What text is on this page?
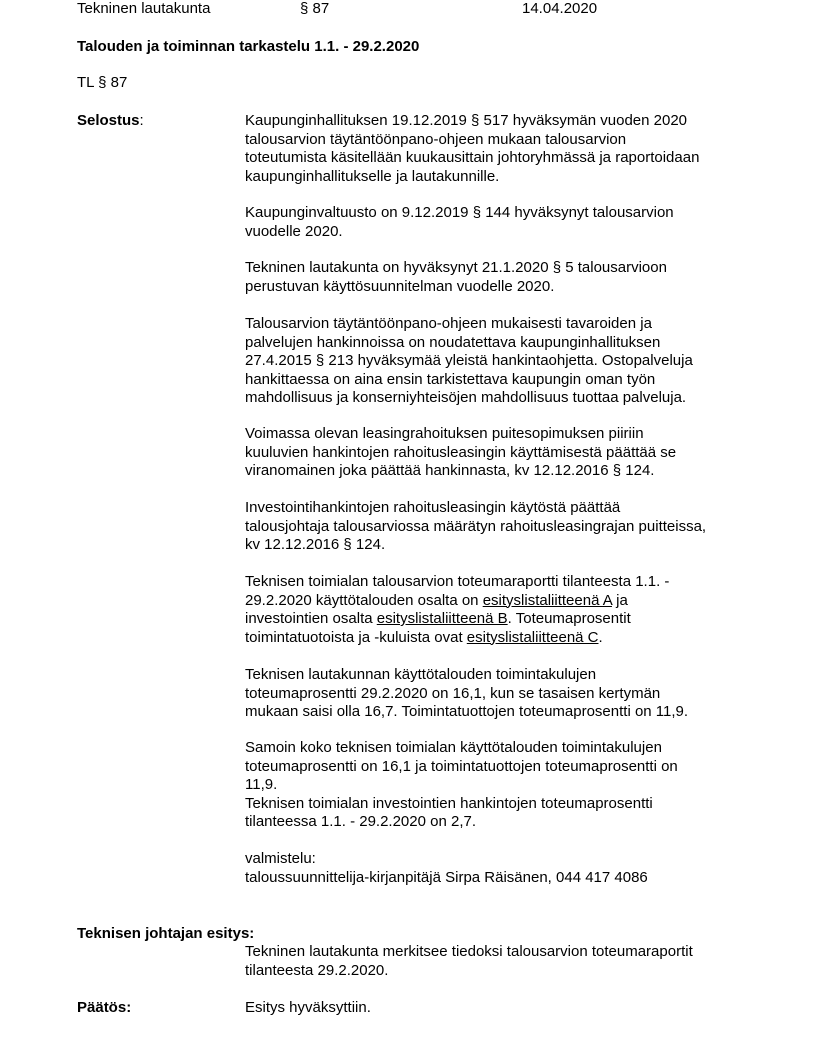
Tekninen lautakunta	§ 87	14.04.2020
Talouden ja toiminnan tarkastelu 1.1. - 29.2.2020
TL § 87
Selostus:	Kaupunginhallituksen 19.12.2019 § 517 hyväksymän vuoden 2020
talousarvion täytäntöönpano-ohjeen mukaan talousarvion
toteutumista käsitellään kuukausittain johtoryhmässä ja raportoidaan
kaupunginhallitukselle ja lautakunnille.
Kaupunginvaltuusto on 9.12.2019 § 144 hyväksynyt talousarvion
vuodelle 2020.
Tekninen lautakunta on hyväksynyt 21.1.2020 § 5 talousarvioon
perustuvan käyttösuunnitelman vuodelle 2020.
Talousarvion täytäntöönpano-ohjeen mukaisesti tavaroiden ja
palvelujen hankinnoissa on noudatettava kaupunginhallituksen
27.4.2015 § 213 hyväksymää yleistä hankintaohjetta. Ostopalveluja
hankittaessa on aina ensin tarkistettava kaupungin oman työn
mahdollisuus ja konserniyhteisöjen mahdollisuus tuottaa palveluja.
Voimassa olevan leasingrahoituksen puitesopimuksen piiriin
kuuluvien hankintojen rahoitusleasingin käyttämisestä päättää se
viranomainen joka päättää hankinnasta, kv 12.12.2016 § 124.
Investointihankintojen rahoitusleasingin käytöstä päättää
talousjohtaja talousarviossa määrätyn rahoitusleasingrajan puitteissa,
kv 12.12.2016 § 124.
Teknisen toimialan talousarvion toteumaraportti tilanteesta 1.1. -
29.2.2020 käyttötalouden osalta on esityslistaliitteenä A ja
investointien osalta esityslistaliitteenä B. Toteumaprosentit
toimintatuotoista ja -kuluista ovat esityslistaliitteenä C.
Teknisen lautakunnan käyttötalouden toimintakulujen
toteumaprosentti 29.2.2020 on 16,1, kun se tasaisen kertymän
mukaan saisi olla 16,7. Toimintatuottojen toteumaprosentti on 11,9.
Samoin koko teknisen toimialan käyttötalouden toimintakulujen
toteumaprosentti on 16,1 ja toimintatuottojen toteumaprosentti on
11,9.
Teknisen toimialan investointien hankintojen toteumaprosentti
tilanteessa 1.1. - 29.2.2020 on 2,7.
valmistelu:
taloussuunnittelija-kirjanpitäjä Sirpa Räisänen, 044 417 4086
Teknisen johtajan esitys:
Tekninen lautakunta merkitsee tiedoksi talousarvion toteumaraportit
tilanteesta 29.2.2020.
Päätös:	Esitys hyväksyttiin.
